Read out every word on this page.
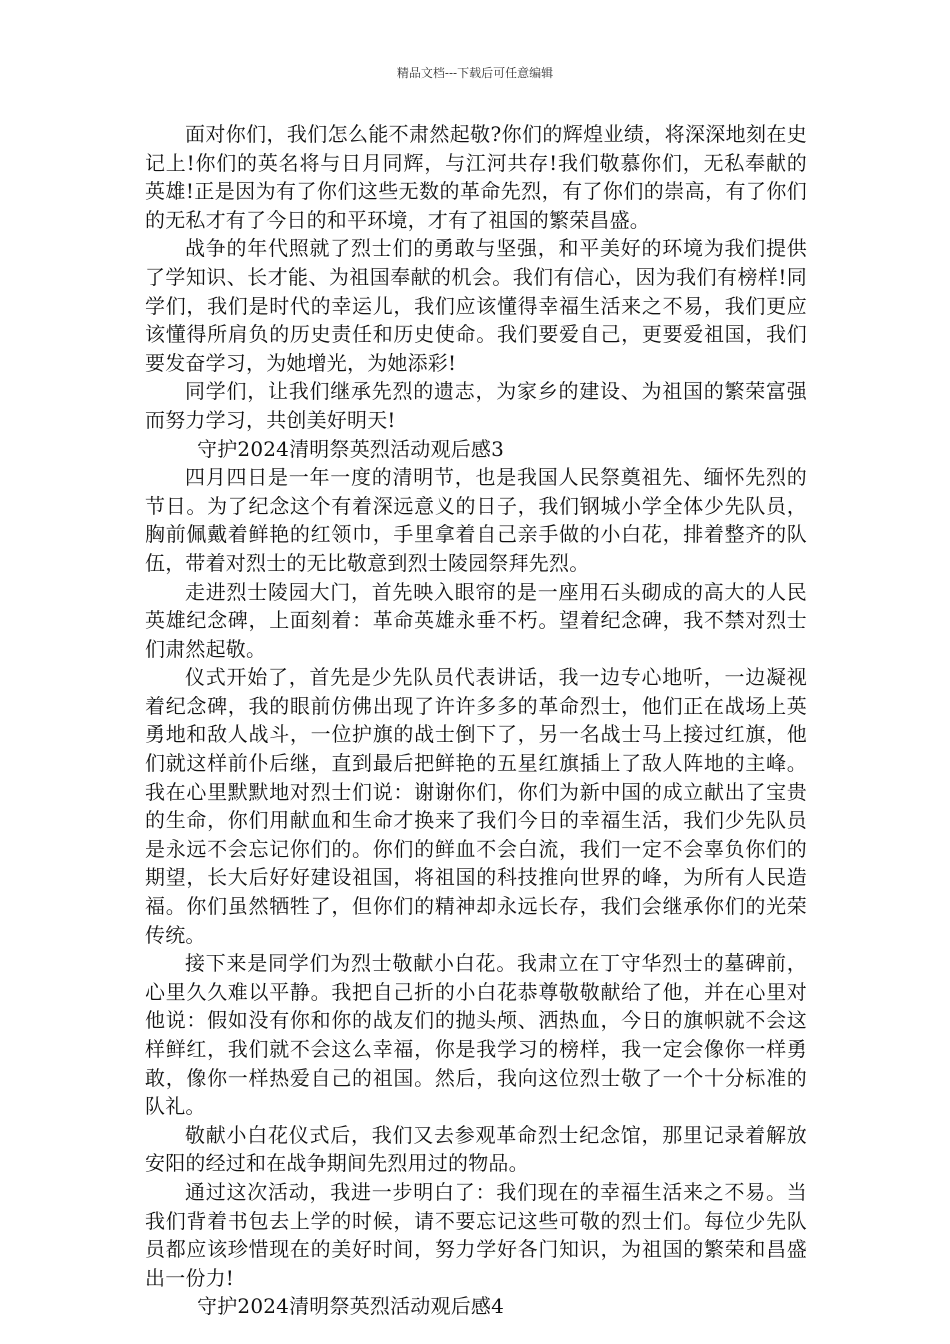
精品文档---下载后可任意编辑

面对你们，我们怎么能不肃然起敬?你们的辉煌业绩，将深深地刻在史记上!你们的英名将与日月同辉，与江河共存!我们敬慕你们，无私奉献的英雄!正是因为有了你们这些无数的革命先烈，有了你们的崇高，有了你们的无私才有了今日的和平环境，才有了祖国的繁荣昌盛。

战争的年代照就了烈士们的勇敢与坚强，和平美好的环境为我们提供了学知识、长才能、为祖国奉献的机会。我们有信心，因为我们有榜样!同学们，我们是时代的幸运儿，我们应该懂得幸福生活来之不易，我们更应该懂得所肩负的历史责任和历史使命。我们要爱自己，更要爱祖国，我们要发奋学习，为她增光，为她添彩!

同学们，让我们继承先烈的遗志，为家乡的建设、为祖国的繁荣富强而努力学习，共创美好明天!

守护2024清明祭英烈活动观后感3

四月四日是一年一度的清明节，也是我国人民祭奠祖先、缅怀先烈的节日。为了纪念这个有着深远意义的日子，我们钢城小学全体少先队员，胸前佩戴着鲜艳的红领巾，手里拿着自己亲手做的小白花，排着整齐的队伍，带着对烈士的无比敬意到烈士陵园祭拜先烈。

走进烈士陵园大门，首先映入眼帘的是一座用石头砌成的高大的人民英雄纪念碑，上面刻着：革命英雄永垂不朽。望着纪念碑，我不禁对烈士们肃然起敬。

仪式开始了，首先是少先队员代表讲话，我一边专心地听，一边凝视着纪念碑，我的眼前仿佛出现了许许多多的革命烈士，他们正在战场上英勇地和敌人战斗，一位护旗的战士倒下了，另一名战士马上接过红旗，他们就这样前仆后继，直到最后把鲜艳的五星红旗插上了敌人阵地的主峰。我在心里默默地对烈士们说：谢谢你们，你们为新中国的成立献出了宝贵的生命，你们用献血和生命才换来了我们今日的幸福生活，我们少先队员是永远不会忘记你们的。你们的鲜血不会白流，我们一定不会辜负你们的期望，长大后好好建设祖国，将祖国的科技推向世界的峰，为所有人民造福。你们虽然牺牲了，但你们的精神却永远长存，我们会继承你们的光荣传统。

接下来是同学们为烈士敬献小白花。我肃立在丁守华烈士的墓碑前，心里久久难以平静。我把自己折的小白花恭尊敬敬献给了他，并在心里对他说：假如没有你和你的战友们的抛头颅、洒热血，今日的旗帜就不会这样鲜红，我们就不会这么幸福，你是我学习的榜样，我一定会像你一样勇敢，像你一样热爱自己的祖国。然后，我向这位烈士敬了一个十分标准的队礼。

敬献小白花仪式后，我们又去参观革命烈士纪念馆，那里记录着解放安阳的经过和在战争期间先烈用过的物品。

通过这次活动，我进一步明白了：我们现在的幸福生活来之不易。当我们背着书包去上学的时候，请不要忘记这些可敬的烈士们。每位少先队员都应该珍惜现在的美好时间，努力学好各门知识，为祖国的繁荣和昌盛出一份力!

守护2024清明祭英烈活动观后感4
